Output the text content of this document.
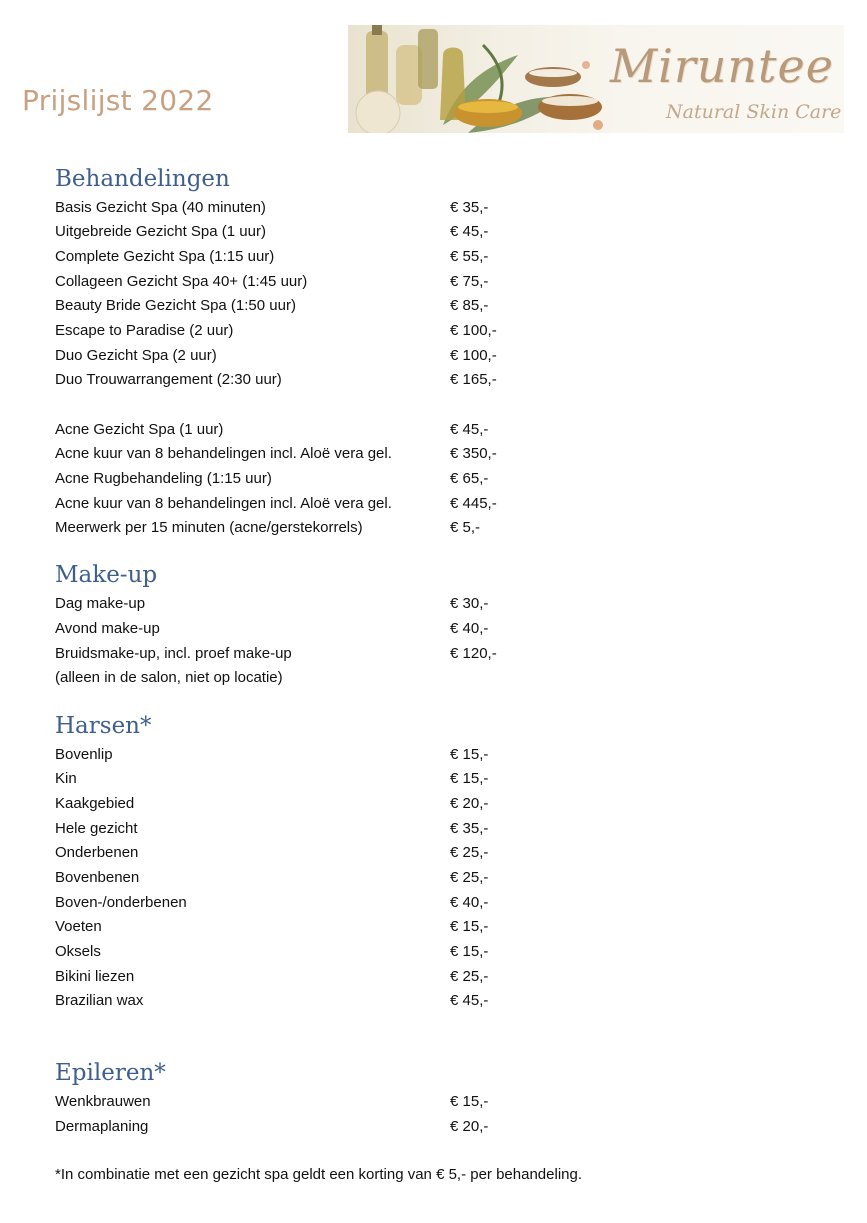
Prijslijst 2022
Miruntee
Natural Skin Care
Behandelingen
Basis Gezicht Spa (40 minuten)	€ 35,-
Uitgebreide Gezicht Spa (1 uur)	€ 45,-
Complete Gezicht Spa (1:15 uur)	€ 55,-
Collageen Gezicht Spa 40+ (1:45 uur)	€ 75,-
Beauty Bride Gezicht Spa (1:50 uur)	€ 85,-
Escape to Paradise (2 uur)	€ 100,-
Duo Gezicht Spa (2 uur)	€ 100,-
Duo Trouwarrangement (2:30 uur)	€ 165,-
Acne Gezicht Spa (1 uur)	€ 45,-
Acne kuur van 8 behandelingen incl. Aloë vera gel.	€ 350,-
Acne Rugbehandeling (1:15 uur)	€ 65,-
Acne kuur van 8 behandelingen incl. Aloë vera gel.	€ 445,-
Meerwerk per 15 minuten (acne/gerstekorrels)	€ 5,-
Make-up
Dag make-up	€ 30,-
Avond make-up	€ 40,-
Bruidsmake-up, incl. proef make-up	€ 120,-
(alleen in de salon, niet op locatie)
Harsen*
Bovenlip	€ 15,-
Kin	€ 15,-
Kaakgebied	€ 20,-
Hele gezicht	€ 35,-
Onderbenen	€ 25,-
Bovenbenen	€ 25,-
Boven-/onderbenen	€ 40,-
Voeten	€ 15,-
Oksels	€ 15,-
Bikini liezen	€ 25,-
Brazilian wax	€ 45,-
Epileren*
Wenkbrauwen	€ 15,-
Dermaplaning	€ 20,-
*In combinatie met een gezicht spa geldt een korting van € 5,- per behandeling.
